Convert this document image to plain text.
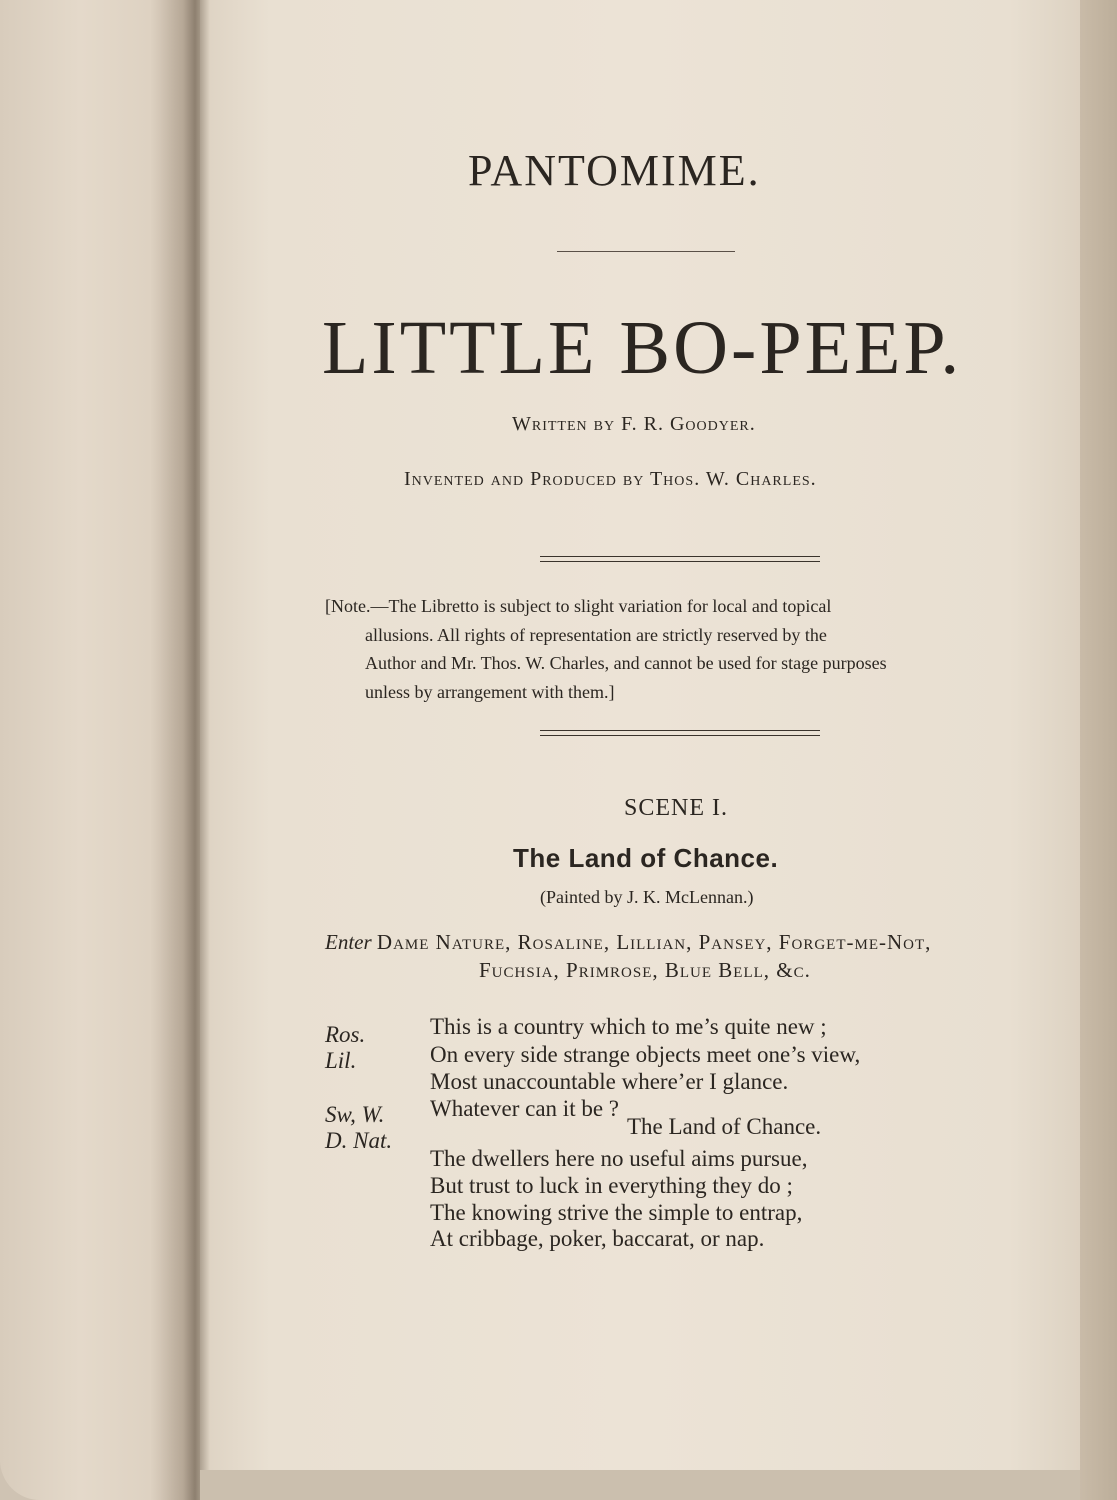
PANTOMIME.
LITTLE BO-PEEP.
Written by F. R. Goodyer.
Invented and Produced by Thos. W. Charles.

[Note.—The Libretto is subject to slight variation for local and topical

allusions. All rights of representation are strictly reserved by the

Author and Mr. Thos. W. Charles, and cannot be used for stage purposes

unless by arrangement with them.]

SCENE I.
The Land of Chance.
(Painted by J. K. McLennan.)
Enter Dame Nature, Rosaline, Lillian, Pansey, Forget-me-Not,
Fuchsia, Primrose, Blue Bell, &c.
Ros.
Lil.
Sw, W.
D. Nat.
This is a country which to me’s quite new ;
On every side strange objects meet one’s view,
Most unaccountable where’er I glance.
Whatever can it be ?
The Land of Chance.
The dwellers here no useful aims pursue,
But trust to luck in everything they do ;
The knowing strive the simple to entrap,
At cribbage, poker, baccarat, or nap.
